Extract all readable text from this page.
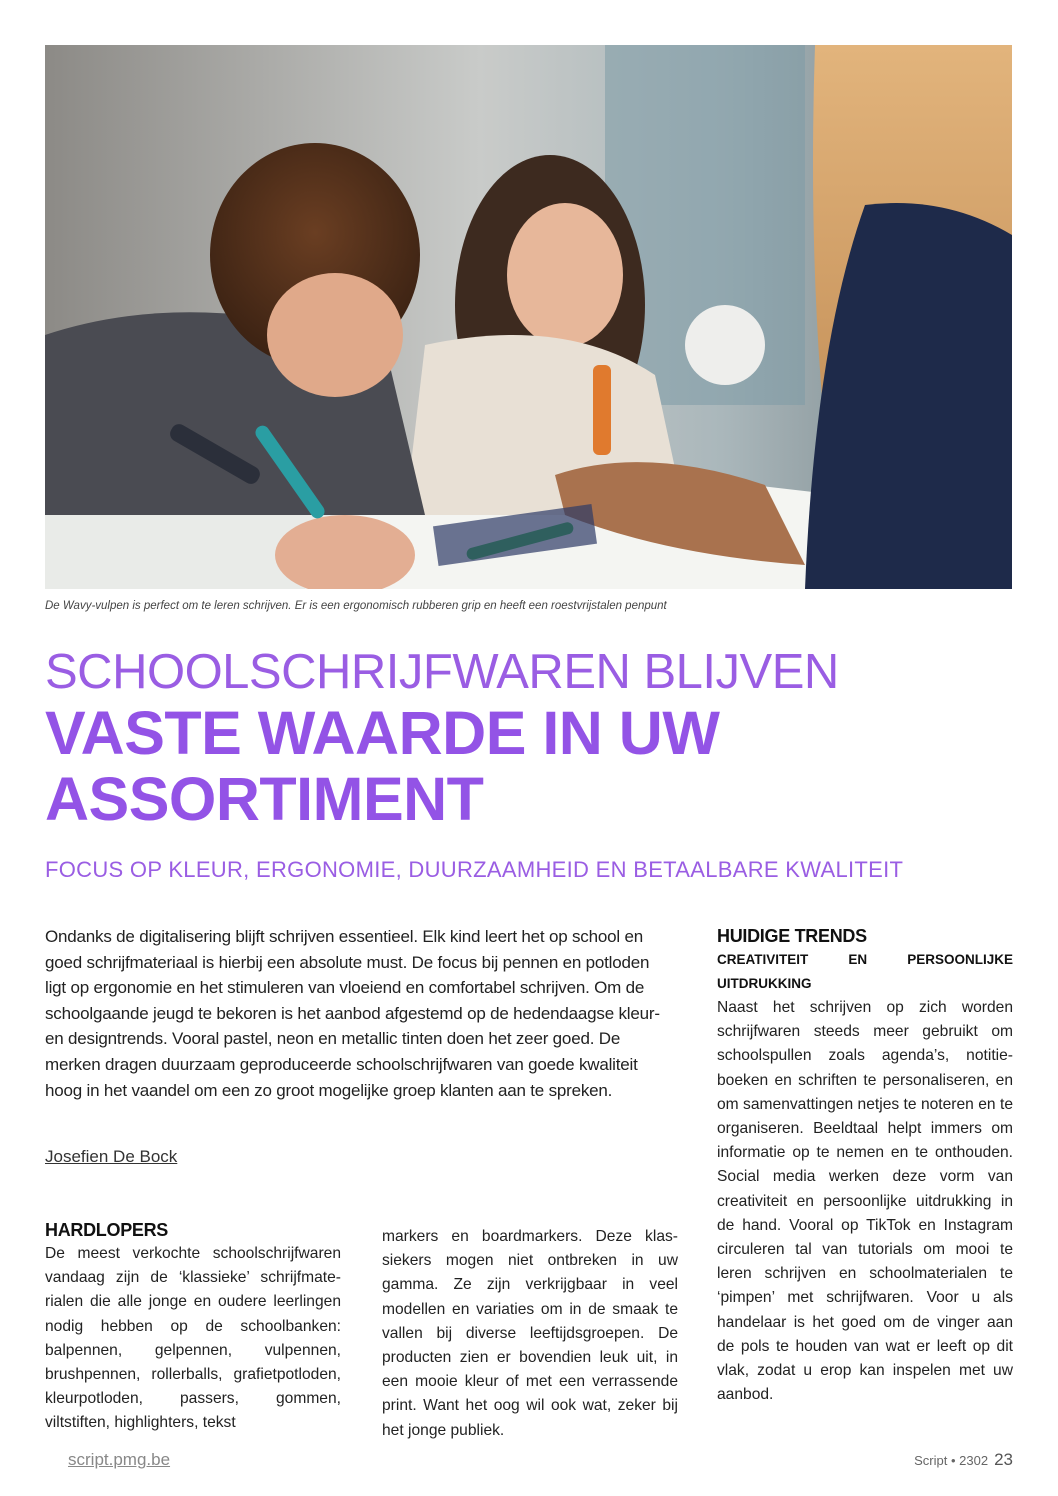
De Wavy-vulpen is perfect om te leren schrijven. Er is een ergonomisch rubberen grip en heeft een roestvrijstalen penpunt
SCHOOLSCHRIJFWAREN BLIJVEN
VASTE WAARDE IN UW ASSORTIMENT
FOCUS OP KLEUR, ERGONOMIE, DUURZAAMHEID EN BETAALBARE KWALITEIT

Ondanks de digitalisering blijft schrijven essentieel. Elk kind leert het op school en goed schrijfmateriaal is hierbij een absolute must. De focus bij pennen en potloden ligt op ergonomie en het stimuleren van vloeiend en comfortabel schrijven. Om de schoolgaande jeugd te bekoren is het aanbod afgestemd op de hedendaagse kleur- en designtrends. Vooral pastel, neon en metallic tinten doen het zeer goed. De merken dragen duurzaam geproduceerde schoolschrijfwaren van goede kwaliteit hoog in het vaandel om een zo groot mogelijke groep klanten aan te spreken.

Josefien De Bock
HARDLOPERS

De meest verkochte schoolschrijfwaren vandaag zijn de ‘klassieke’ schrijfmaterialen die alle jonge en oudere leerlingen nodig hebben op de schoolbanken: balpennen, gelpennen, vulpennen, brushpennen, rollerballs, grafietpotloden, kleurpotloden, passers, gommen, viltstiften, highlighters, tekst

markers en boardmarkers. Deze klassiekers mogen niet ontbreken in uw gamma. Ze zijn verkrijgbaar in veel modellen en variaties om in de smaak te vallen bij diverse leeftijdsgroepen. De producten zien er bovendien leuk uit, in een mooie kleur of met een verrassende print. Want het oog wil ook wat, zeker bij het jonge publiek.

HUIDIGE TRENDS
CREATIVITEIT EN PERSOONLIJKE UITDRUKKING

Naast het schrijven op zich worden schrijfwaren steeds meer gebruikt om schoolspullen zoals agenda’s, notitieboeken en schriften te personaliseren, en om samenvattingen netjes te noteren en te organiseren. Beeldtaal helpt immers om informatie op te nemen en te onthouden. Social media werken deze vorm van creativiteit en persoonlijke uitdrukking in de hand. Vooral op TikTok en Instagram circuleren tal van tutorials om mooi te leren schrijven en schoolmaterialen te ‘pimpen’ met schrijfwaren. Voor u als handelaar is het goed om de vinger aan de pols te houden van wat er leeft op dit vlak, zodat u erop kan inspelen met uw aanbod.

script.pmg.be	Script • 2302 23
